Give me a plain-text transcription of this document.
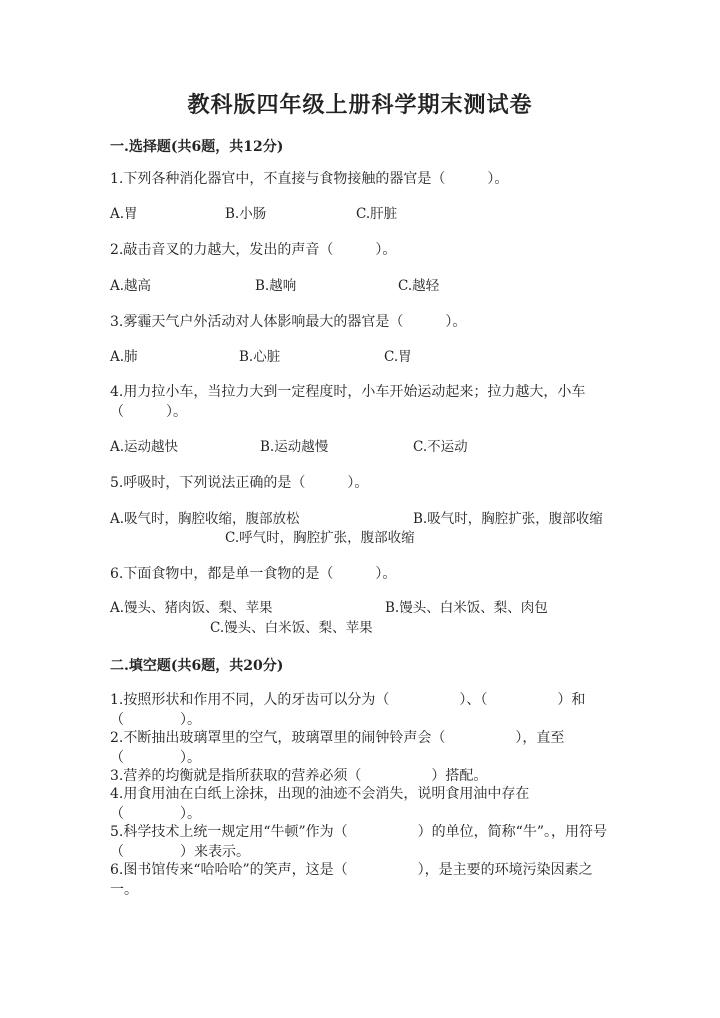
教科版四年级上册科学期末测试卷
一.选择题(共6题，共12分)
1.下列各种消化器官中，不直接与食物接触的器官是（　　　）。
A.胃	B.小肠	C.肝脏
2.敲击音叉的力越大，发出的声音（　　　）。
A.越高	B.越响	C.越轻
3.雾霾天气户外活动对人体影响最大的器官是（　　　）。
A.肺	B.心脏	C.胃
4.用力拉小车，当拉力大到一定程度时，小车开始运动起来；拉力越大，小车（　　　）。
A.运动越快	B.运动越慢	C.不运动
5.呼吸时，下列说法正确的是（　　　）。
A.吸气时，胸腔收缩，腹部放松	B.吸气时，胸腔扩张，腹部收缩
C.呼气时，胸腔扩张，腹部收缩
6.下面食物中，都是单一食物的是（　　　）。
A.馒头、猪肉饭、梨、苹果	B.馒头、白米饭、梨、肉包
C.馒头、白米饭、梨、苹果
二.填空题(共6题，共20分)
1.按照形状和作用不同，人的牙齿可以分为（　　　　　）、（　　　　　）和（　　　　）。
2.不断抽出玻璃罩里的空气，玻璃罩里的闹钟铃声会（　　　　　），直至（　　　　）。
3.营养的均衡就是指所获取的营养必须（　　　　　）搭配。
4.用食用油在白纸上涂抹，出现的油迹不会消失，说明食用油中存在（　　　　）。
5.科学技术上统一规定用“牛顿”作为（　　　　　）的单位，简称“牛”。，用符号（　　　　）来表示。
6.图书馆传来“哈哈哈”的笑声，这是（　　　　　），是主要的环境污染因素之一。
